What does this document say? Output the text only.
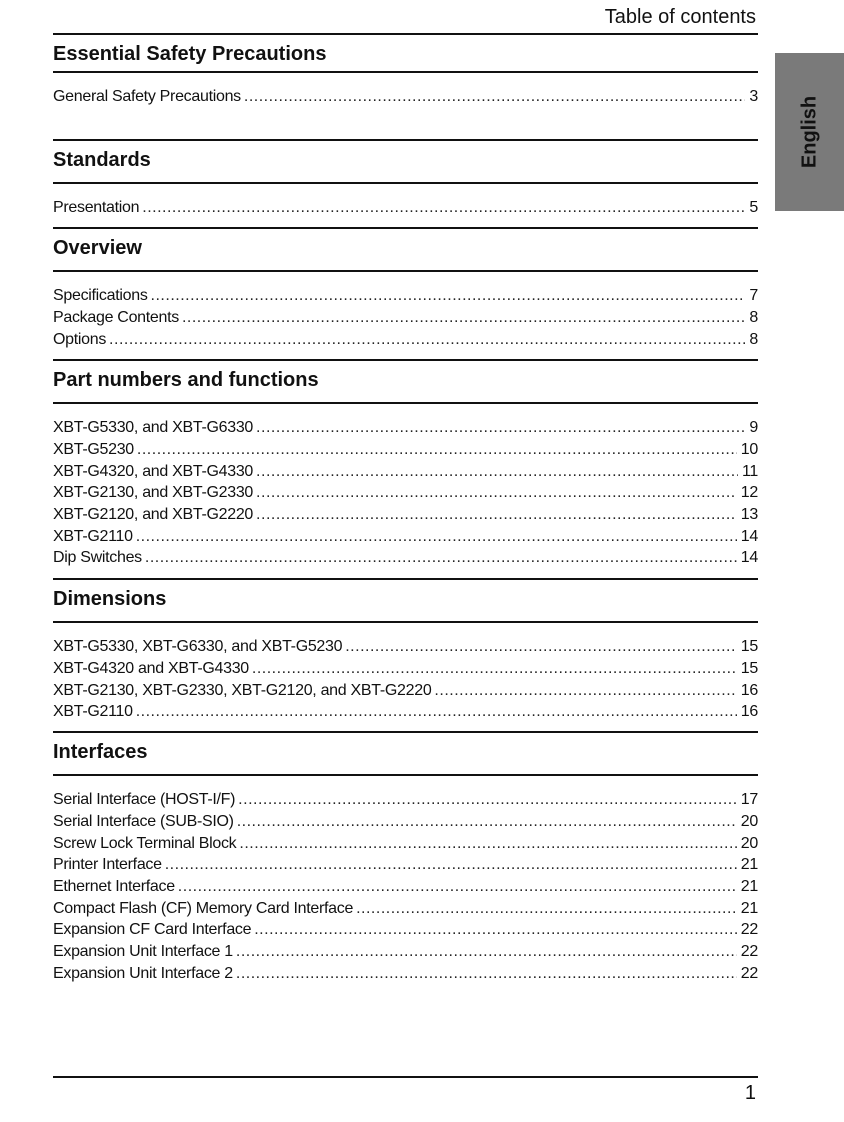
Table of contents
English
Essential Safety Precautions
General Safety Precautions .....	3
Standards
Presentation .....	5
Overview
Specifications .....	7
Package Contents .....	8
Options .....	8
Part numbers and functions
XBT-G5330, and XBT-G6330 .....	9
XBT-G5230 .....	10
XBT-G4320, and XBT-G4330 .....	11
XBT-G2130, and XBT-G2330 .....	12
XBT-G2120, and XBT-G2220 .....	13
XBT-G2110 .....	14
Dip Switches .....	14
Dimensions
XBT-G5330, XBT-G6330, and XBT-G5230 .....	15
XBT-G4320 and XBT-G4330 .....	15
XBT-G2130, XBT-G2330, XBT-G2120, and XBT-G2220 .....	16
XBT-G2110 .....	16
Interfaces
Serial Interface (HOST-I/F) .....	17
Serial Interface (SUB-SIO) .....	20
Screw Lock Terminal Block .....	20
Printer Interface .....	21
Ethernet Interface .....	21
Compact Flash (CF) Memory Card Interface .....	21
Expansion CF Card Interface .....	22
Expansion Unit Interface 1 .....	22
Expansion Unit Interface 2 .....	22
1
